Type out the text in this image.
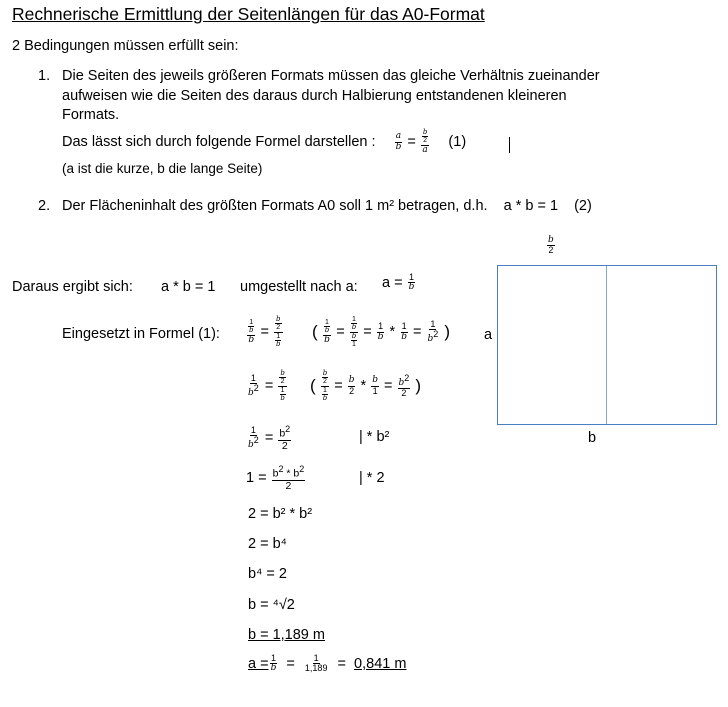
Rechnerische Ermittlung der Seitenlängen für das A0-Format
2 Bedingungen müssen erfüllt sein:
1. Die Seiten des jeweils größeren Formats müssen das gleiche Verhältnis zueinander
aufweisen wie die Seiten des daraus durch Halbierung entstandenen kleineren
Formats.
Das lässt sich durch folgende Formel darstellen : $\frac{a}{b} = \frac{\frac{b}{2}}{a} (1)$
(a ist die kurze, b die lange Seite)
2. Der Flächeninhalt des größten Formats A0 soll 1 m² betragen, d.h. a * b = 1 (2)
Daraus ergibt sich: a * b = 1 umgestellt nach a: $a = \frac{1}{b}$
Eingesetzt in Formel (1):	$\frac{\frac{1}{b}}{b} = \frac{\frac{b}{2}}{\frac{1}{b}}$ ( $\frac{\frac{1}{b}}{b} = \frac{\frac{1}{b}}{\frac{b}{1}} = \frac{1}{b} * \frac{1}{b} = \frac{1}{b^2}$ )
$\frac{1}{b^2} = \frac{\frac{b}{2}}{\frac{1}{b}}$ ( $\frac{\frac{b}{2}}{\frac{1}{b}} = \frac{b}{2} * \frac{b}{1} = \frac{b^2}{2}$ )
$\frac{1}{b^2} = \frac{b^2}{2}$	| * b²
$1 = \frac{b^2 * b^2}{2}$	| * 2
2 = b² * b²
2 = b⁴
b⁴ = 2
b = ⁴√2
b = 1,189 m
$a = \frac{1}{b} = \frac{1}{1,189} = 0,841$ m
$\frac{b}{2}$
a
b
